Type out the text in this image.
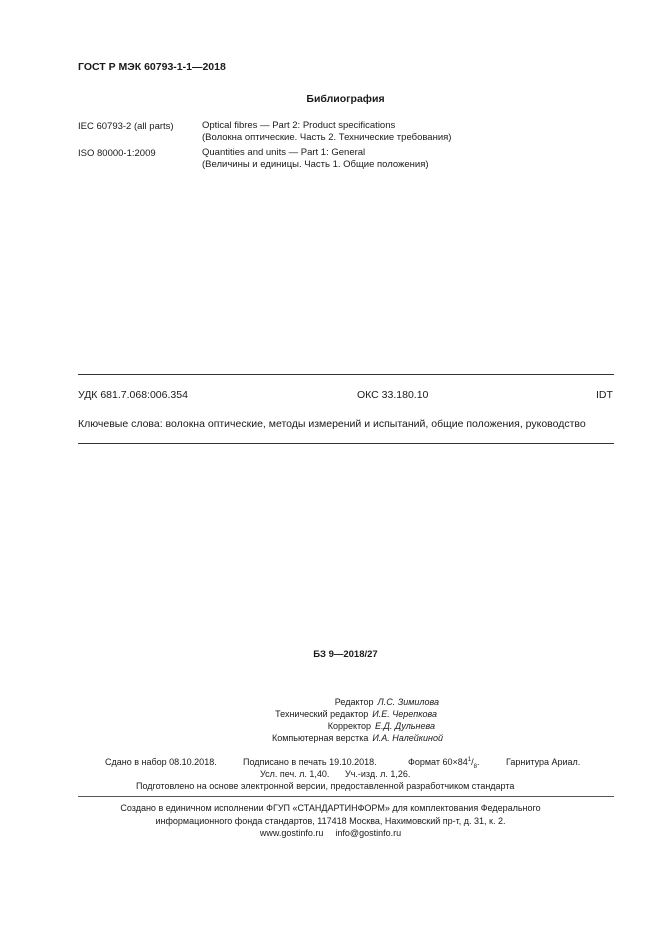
ГОСТ Р МЭК 60793-1-1—2018
Библиография
IEC 60793-2 (all parts)	Optical fibres — Part 2: Product specifications
(Волокна оптические. Часть 2. Технические требования)
ISO 80000-1:2009	Quantities and units — Part 1: General
(Величины и единицы. Часть 1. Общие положения)
УДК 681.7.068:006.354	ОКС 33.180.10	IDT
Ключевые слова: волокна оптические, методы измерений и испытаний, общие положения, руководство
БЗ 9—2018/27
Редактор Л.С. Зимилова
Технический редактор И.Е. Черепкова
Корректор Е.Д. Дульнева
Компьютерная верстка И.А. Налейкиной
Сдано в набор 08.10.2018.	Подписано в печать 19.10.2018.	Формат $60\times 84^1/_8$.	Гарнитура Ариал.
Усл. печ. л. 1,40. Уч.-изд. л. 1,26.
Подготовлено на основе электронной версии, предоставленной разработчиком стандарта
Создано в единичном исполнении ФГУП «СТАНДАРТИНФОРМ» для комплектования Федерального
информационного фонда стандартов, 117418 Москва, Нахимовский пр-т, д. 31, к. 2.
www.gostinfo.ru info@gostinfo.ru
